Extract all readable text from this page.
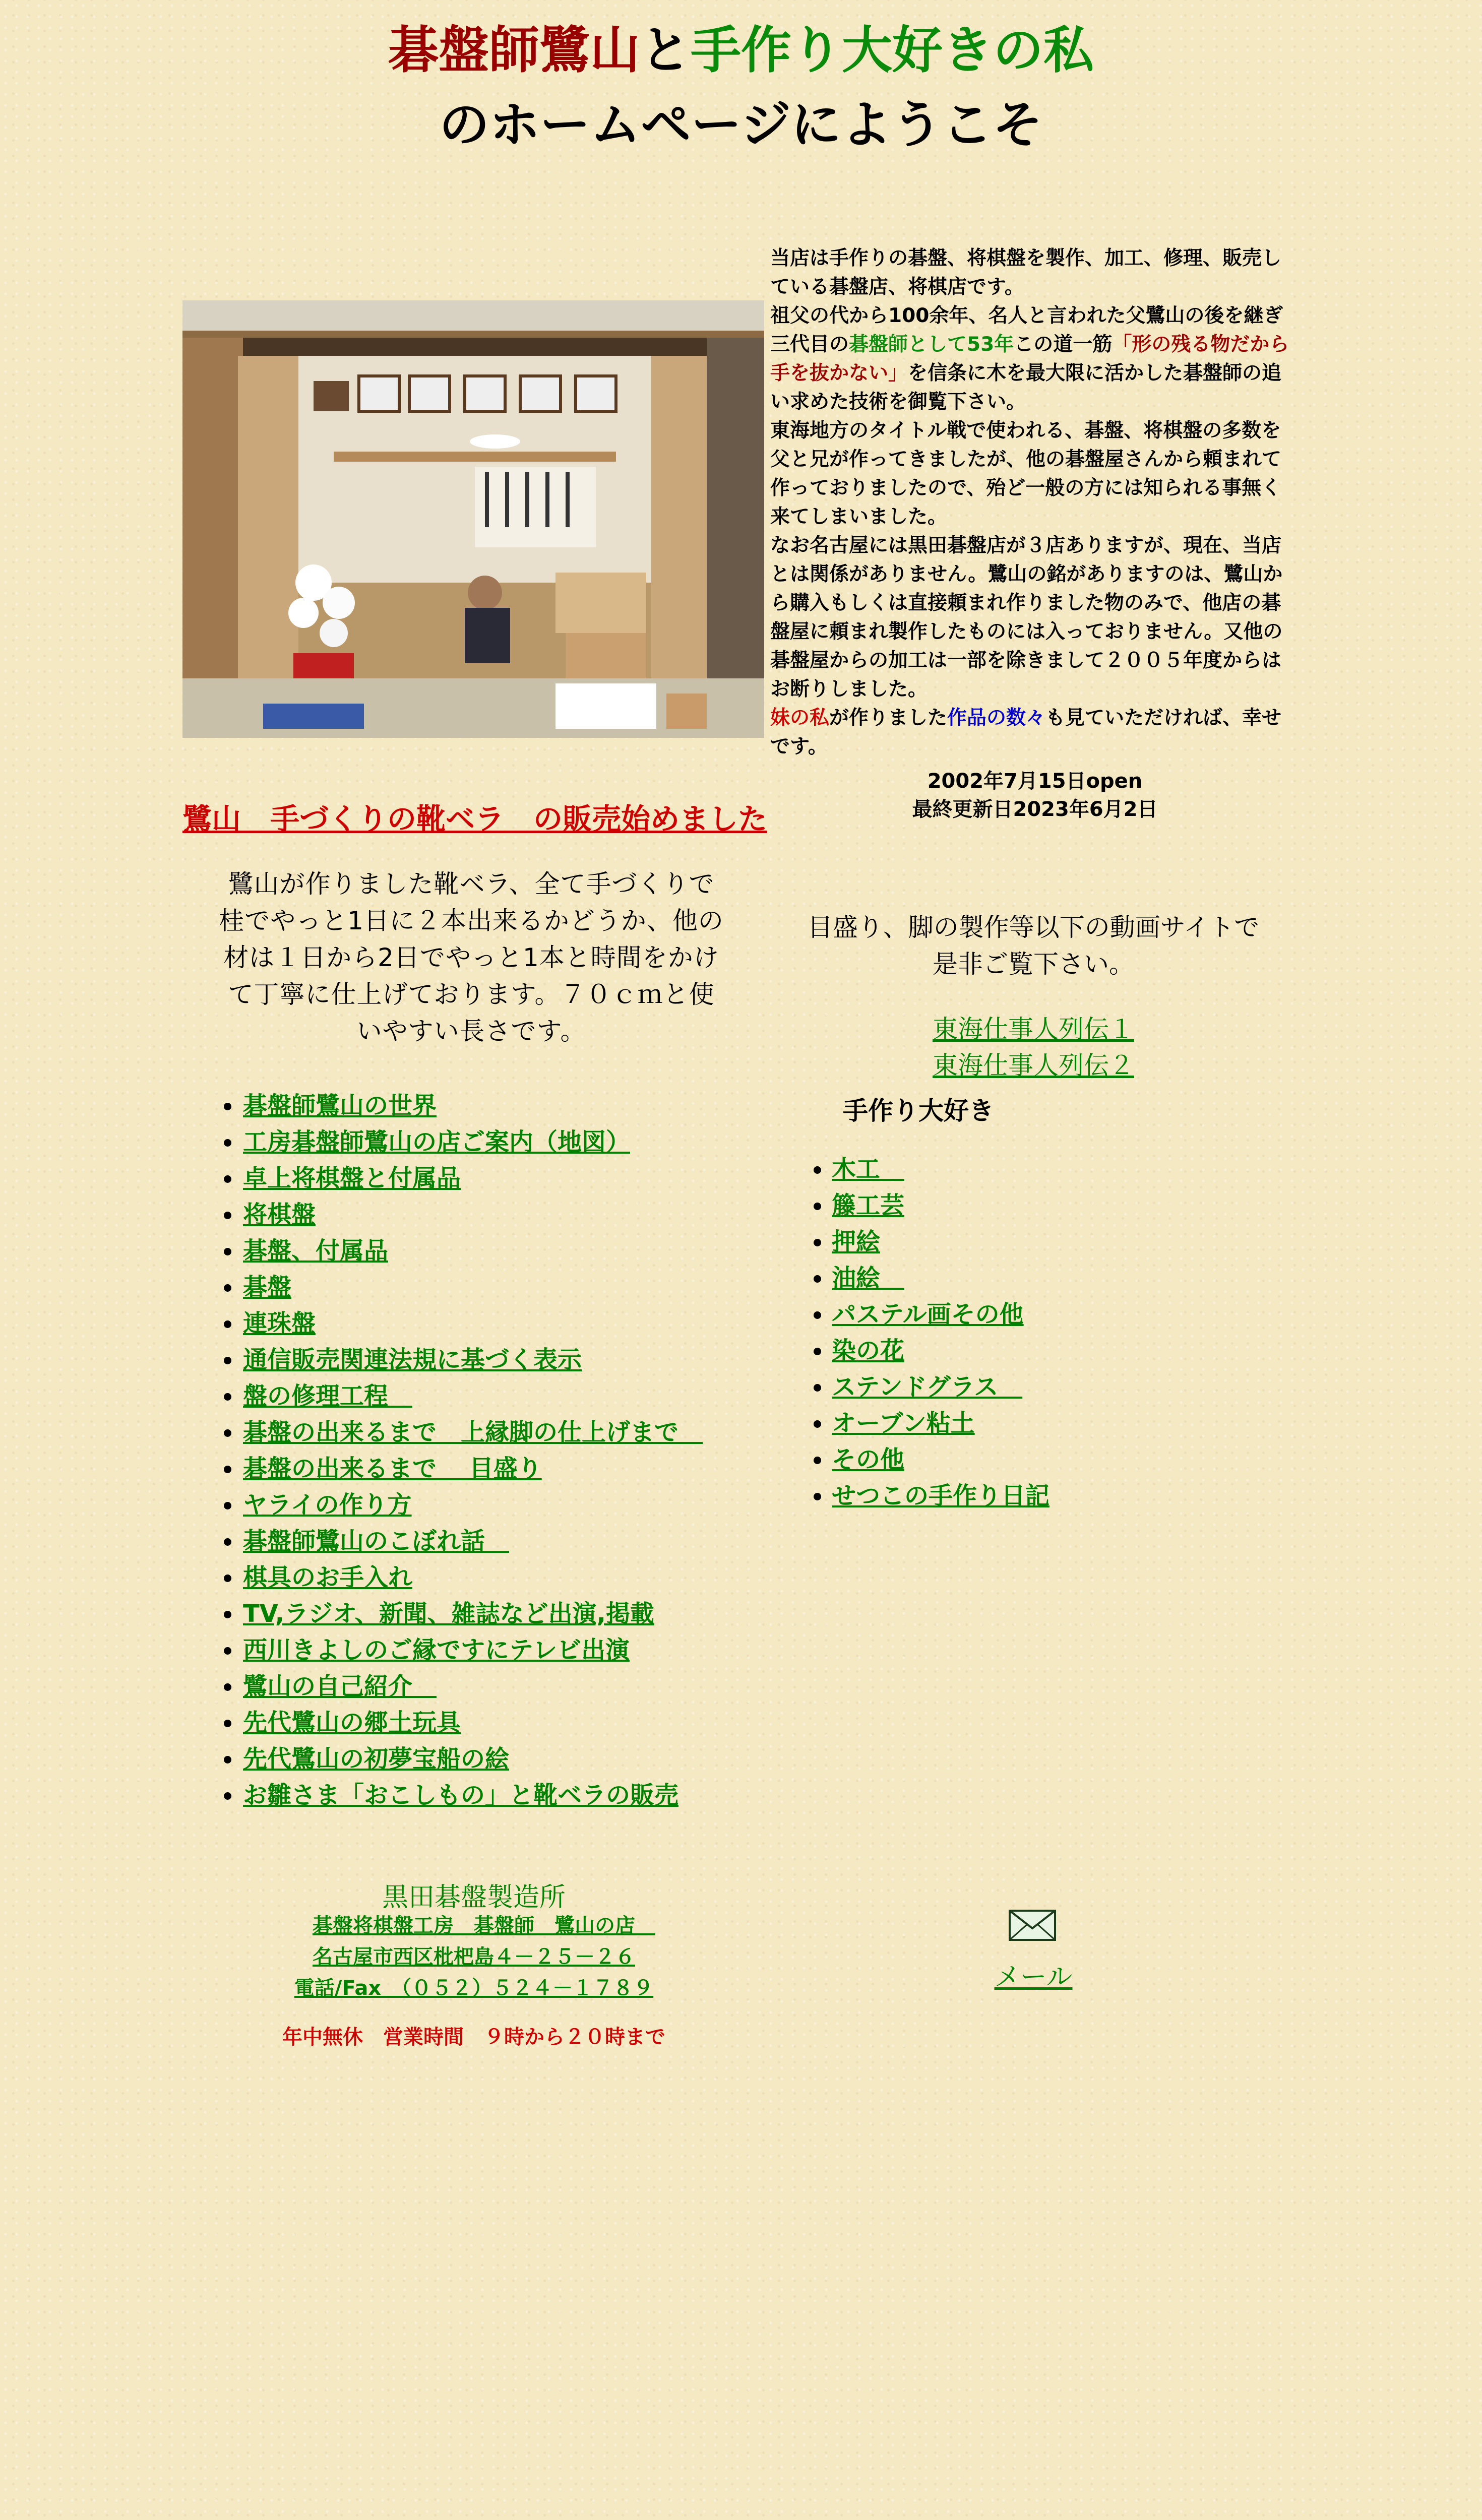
碁盤師鷺山と手作り大好きの私
のホームページにようこそ

当店は手作りの碁盤、将棋盤を製作、加工、修理、販売している碁盤店、将棋店です。

祖父の代から100余年、名人と言われた父鷺山の後を継ぎ三代目の碁盤師として53年この道一筋「形の残る物だから手を抜かない」を信条に木を最大限に活かした碁盤師の追い求めた技術を御覧下さい。

東海地方のタイトル戦で使われる、碁盤、将棋盤の多数を父と兄が作ってきましたが、他の碁盤屋さんから頼まれて作っておりましたので、殆ど一般の方には知られる事無く来てしまいました。

なお名古屋には黒田碁盤店が３店ありますが、現在、当店とは関係がありません。鷺山の銘がありますのは、鷺山から購入もしくは直接頼まれ作りました物のみで、他店の碁盤屋に頼まれ製作したものには入っておりません。又他の碁盤屋からの加工は一部を除きまして２００５年度からはお断りしました。

妹の私が作りました作品の数々も見ていただければ、幸せです。

2002年7月15日open
最終更新日2023年6月2日
鷺山　手づくりの靴ベラ　の販売始めました
鷺山が作りました靴ベラ、全て手づくりで桂でやっと1日に２本出来るかどうか、他の材は１日から2日でやっと1本と時間をかけて丁寧に仕上げております。７０ｃｍと使いやすい長さです。
• 碁盤師鷺山の世界
• 工房碁盤師鷺山の店ご案内（地図）
• 卓上将棋盤と付属品
• 将棋盤
• 碁盤、付属品
• 碁盤
• 連珠盤
• 通信販売関連法規に基づく表示
• 盤の修理工程　
• 碁盤の出来るまで　上縁脚の仕上げまで　
• 碁盤の出来るまで　 目盛り
• ヤライの作り方
• 碁盤師鷺山のこぼれ話　
• 棋具のお手入れ
• TV,ラジオ、新聞、雑誌など出演,掲載
• 西川きよしのご縁ですにテレビ出演
• 鷺山の自己紹介　
• 先代鷺山の郷土玩具
• 先代鷺山の初夢宝船の絵
• お雛さま「おこしもの」と靴ベラの販売
目盛り、脚の製作等以下の動画サイトで是非ご覧下さい。
東海仕事人列伝１
東海仕事人列伝２
手作り大好き
• 木工　
• 籐工芸
• 押絵
• 油絵　
• パステル画その他
• 染の花
• ステンドグラス　
• オーブン粘土
• その他
• せつこの手作り日記
黒田碁盤製造所
碁盤将棋盤工房　碁盤師　鷺山の店　
名古屋市西区枇杷島４－２５－２６
電話/Fax　（０５２）５２４－１７８９
年中無休　営業時間　９時から２０時まで
メール
